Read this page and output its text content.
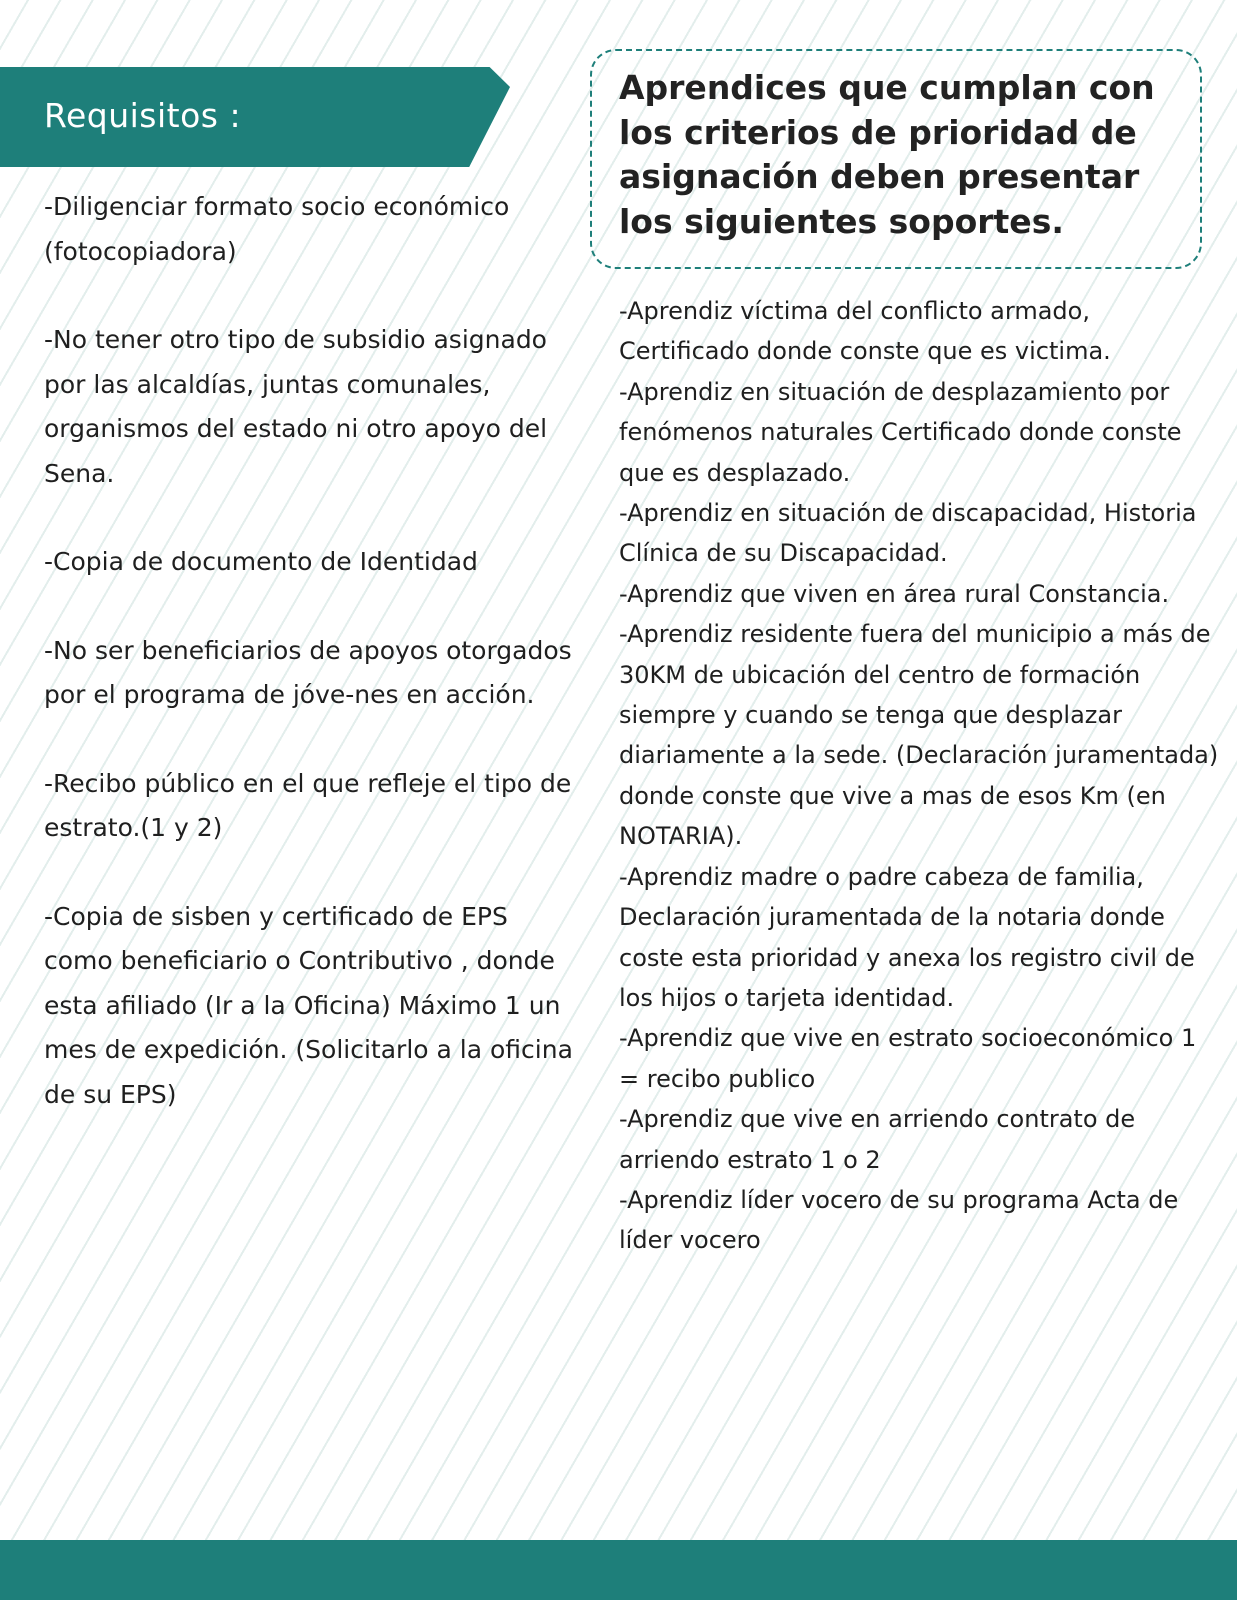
Requisitos :
-Diligenciar formato socio económico (fotocopiadora)
-No tener otro tipo de subsidio asignado por las alcaldías, juntas comunales, organismos del estado ni otro apoyo del Sena.
-Copia de documento de Identidad
-No ser beneficiarios de apoyos otorgados por el programa de jóve-nes en acción.
-Recibo público en el que refleje el tipo de estrato.(1 y 2)
-Copia de sisben y certificado de EPS como beneficiario o Contributivo , donde esta afiliado (Ir a la Oficina) Máximo 1 un mes de expedición. (Solicitarlo a la oficina de su EPS)
Aprendices que cumplan con los criterios de prioridad de asignación deben presentar los siguientes soportes.
-Aprendiz víctima del conflicto armado, Certificado donde conste que es victima.
-Aprendiz en situación de desplazamiento por fenómenos naturales Certificado donde conste que es desplazado.
-Aprendiz en situación de discapacidad, Historia Clínica de su Discapacidad.
-Aprendiz que viven en área rural Constancia.
-Aprendiz residente fuera del municipio a más de 30KM de ubicación del centro de formación siempre y cuando se tenga que desplazar diariamente a la sede. (Declaración juramentada) donde conste que vive a mas de esos Km (en NOTARIA).
-Aprendiz madre o padre cabeza de familia, Declaración juramentada de la notaria donde coste esta prioridad y anexa los registro civil de los hijos o tarjeta identidad.
-Aprendiz que vive en estrato socioeconómico 1 = recibo publico
-Aprendiz que vive en arriendo contrato de arriendo estrato 1 o 2
-Aprendiz líder vocero de su programa Acta de líder vocero
